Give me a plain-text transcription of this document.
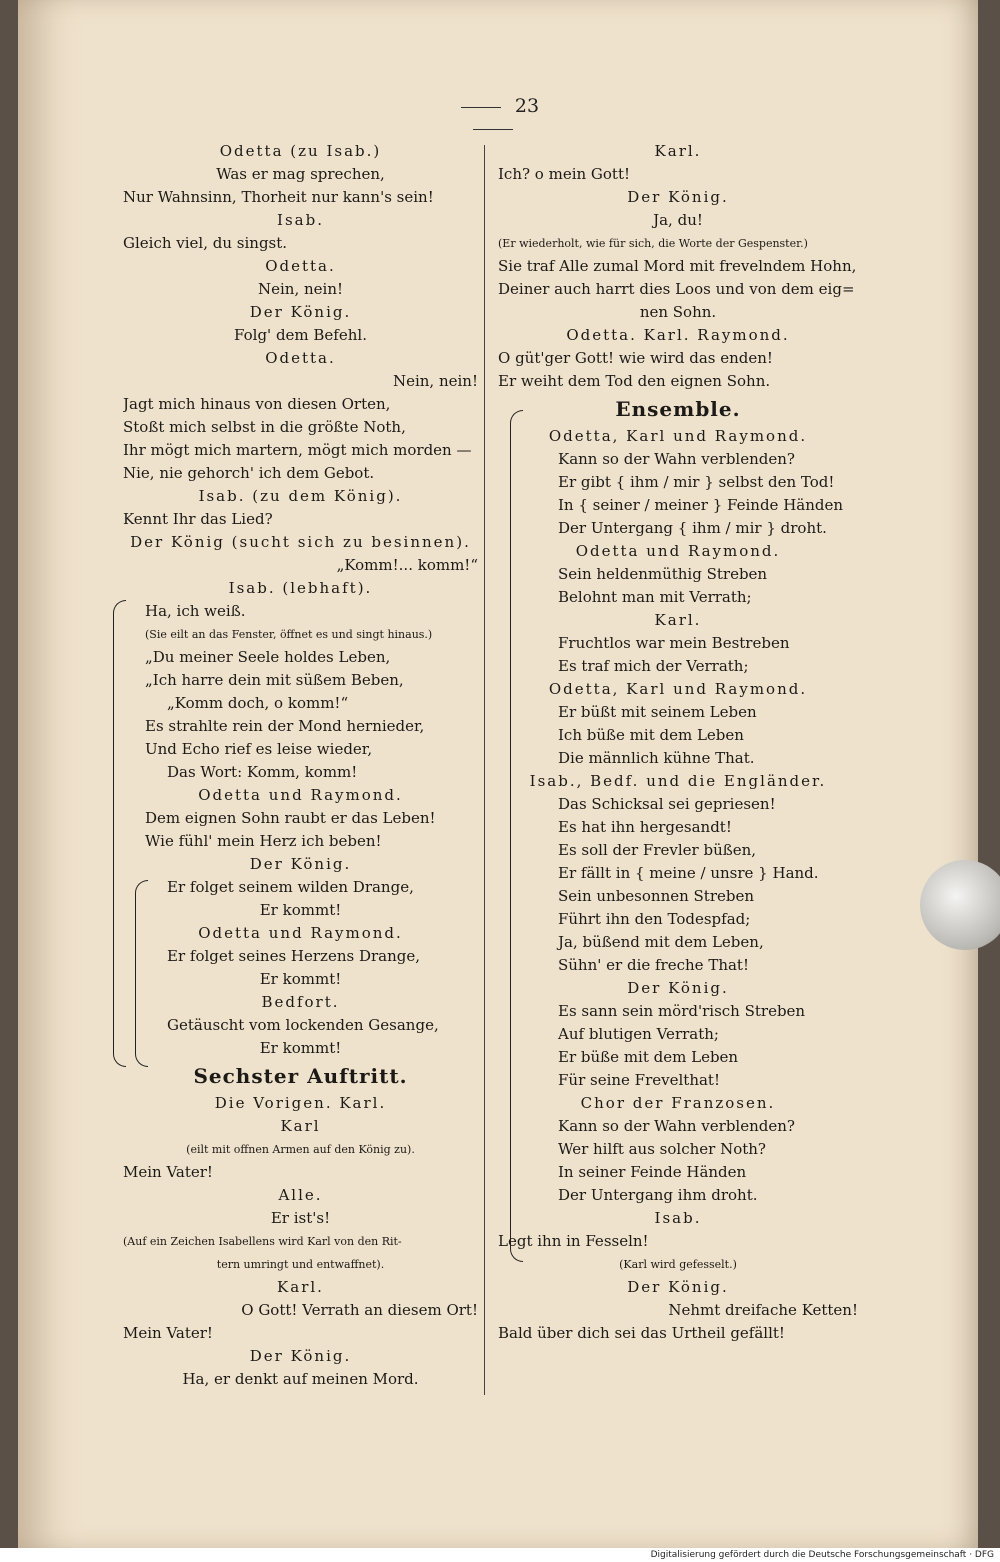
23
Odetta (zu Isab.)
Was er mag sprechen,
Nur Wahnsinn, Thorheit nur kann's sein!
Isab.
Gleich viel, du singst.
Odetta.
Nein, nein!
Der König.
Folg' dem Befehl.
Odetta.
Nein, nein!
Jagt mich hinaus von diesen Orten,
Stoßt mich selbst in die größte Noth,
Ihr mögt mich martern, mögt mich morden —
Nie, nie gehorch' ich dem Gebot.
Isab. (zu dem König).
Kennt Ihr das Lied?
Der König (sucht sich zu besinnen).
„Komm!... komm!“
Isab. (lebhaft).
Ha, ich weiß.
(Sie eilt an das Fenster, öffnet es und singt hinaus.)
„Du meiner Seele holdes Leben,
„Ich harre dein mit süßem Beben,
„Komm doch, o komm!“
Es strahlte rein der Mond hernieder,
Und Echo rief es leise wieder,
Das Wort: Komm, komm!
Odetta und Raymond.
Dem eignen Sohn raubt er das Leben!
Wie fühl' mein Herz ich beben!
Der König.
Er folget seinem wilden Drange,
Er kommt!
Odetta und Raymond.
Er folget seines Herzens Drange,
Er kommt!
Bedfort.
Getäuscht vom lockenden Gesange,
Er kommt!
Sechster Auftritt.
Die Vorigen. Karl.
Karl
(eilt mit offnen Armen auf den König zu).
Mein Vater!
Alle.
Er ist's!
(Auf ein Zeichen Isabellens wird Karl von den Rit-
tern umringt und entwaffnet).
Karl.
O Gott! Verrath an diesem Ort!
Mein Vater!
Der König.
Ha, er denkt auf meinen Mord.
Karl.
Ich? o mein Gott!
Der König.
Ja, du!
(Er wiederholt, wie für sich, die Worte der Gespenster.)
Sie traf Alle zumal Mord mit frevelndem Hohn,
Deiner auch harrt dies Loos und von dem eig=
nen Sohn.
Odetta. Karl. Raymond.
O güt'ger Gott! wie wird das enden!
Er weiht dem Tod den eignen Sohn.
Ensemble.
Odetta, Karl und Raymond.
Kann so der Wahn verblenden?
Er gibt { ihm / mir } selbst den Tod!
In { seiner / meiner } Feinde Händen
Der Untergang { ihm / mir } droht.
Odetta und Raymond.
Sein heldenmüthig Streben
Belohnt man mit Verrath;
Karl.
Fruchtlos war mein Bestreben
Es traf mich der Verrath;
Odetta, Karl und Raymond.
Er büßt mit seinem Leben
Ich büße mit dem Leben
Die männlich kühne That.
Isab., Bedf. und die Engländer.
Das Schicksal sei gepriesen!
Es hat ihn hergesandt!
Es soll der Frevler büßen,
Er fällt in { meine / unsre } Hand.
Sein unbesonnen Streben
Führt ihn den Todespfad;
Ja, büßend mit dem Leben,
Sühn' er die freche That!
Der König.
Es sann sein mörd'risch Streben
Auf blutigen Verrath;
Er büße mit dem Leben
Für seine Frevelthat!
Chor der Franzosen.
Kann so der Wahn verblenden?
Wer hilft aus solcher Noth?
In seiner Feinde Händen
Der Untergang ihm droht.
Isab.
Legt ihn in Fesseln!
(Karl wird gefesselt.)
Der König.
Nehmt dreifache Ketten!
Bald über dich sei das Urtheil gefällt!
Digitalisierung gefördert durch die Deutsche Forschungsgemeinschaft · DFG
